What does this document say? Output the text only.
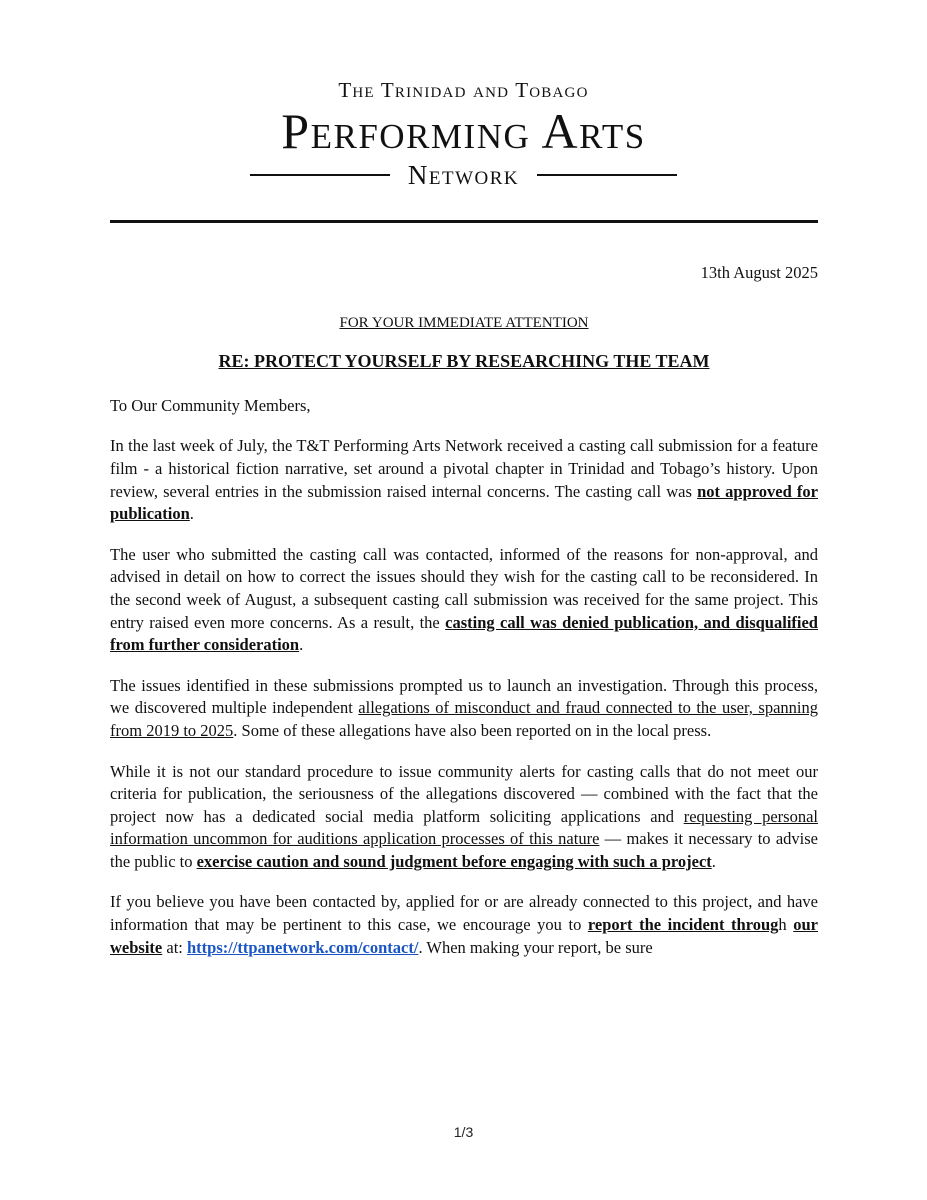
The Trinidad and Tobago
Performing Arts
Network

13th August 2025

FOR YOUR IMMEDIATE ATTENTION

RE: PROTECT YOURSELF BY RESEARCHING THE TEAM

To Our Community Members,

In the last week of July, the T&T Performing Arts Network received a casting call submission for a feature film - a historical fiction narrative, set around a pivotal chapter in Trinidad and Tobago’s history. Upon review, several entries in the submission raised internal concerns. The casting call was not approved for publication.

The user who submitted the casting call was contacted, informed of the reasons for non-approval, and advised in detail on how to correct the issues should they wish for the casting call to be reconsidered. In the second week of August, a subsequent casting call submission was received for the same project. This entry raised even more concerns. As a result, the casting call was denied publication, and disqualified from further consideration.

The issues identified in these submissions prompted us to launch an investigation. Through this process, we discovered multiple independent allegations of misconduct and fraud connected to the user, spanning from 2019 to 2025. Some of these allegations have also been reported on in the local press.

While it is not our standard procedure to issue community alerts for casting calls that do not meet our criteria for publication, the seriousness of the allegations discovered — combined with the fact that the project now has a dedicated social media platform soliciting applications and requesting personal information uncommon for auditions application processes of this nature — makes it necessary to advise the public to exercise caution and sound judgment before engaging with such a project.

If you believe you have been contacted by, applied for or are already connected to this project, and have information that may be pertinent to this case, we encourage you to report the incident through our website at: https://ttpanetwork.com/contact/. When making your report, be sure

1/3
